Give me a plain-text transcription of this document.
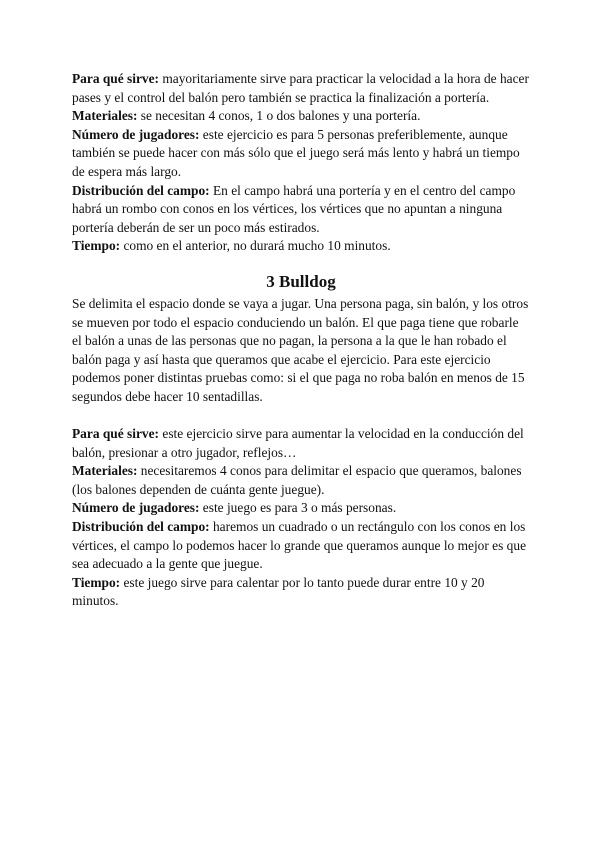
Para qué sirve: mayoritariamente sirve para practicar la velocidad a la hora de hacer pases y el control del balón pero también se practica la finalización a portería.

Materiales: se necesitan 4 conos, 1 o dos balones y una portería.

Número de jugadores: este ejercicio es para 5 personas preferiblemente, aunque también se puede hacer con más sólo que el juego será más lento y habrá un tiempo de espera más largo.

Distribución del campo: En el campo habrá una portería y en el centro del campo habrá un rombo con conos en los vértices, los vértices que no apuntan a ninguna portería deberán de ser un poco más estirados.

Tiempo: como en el anterior, no durará mucho 10 minutos.

3 Bulldog

Se delimita el espacio donde se vaya a jugar. Una persona paga, sin balón, y los otros se mueven por todo el espacio conduciendo un balón. El que paga tiene que robarle el balón a unas de las personas que no pagan, la persona a la que le han robado el balón paga y así hasta que queramos que acabe el ejercicio. Para este ejercicio podemos poner distintas pruebas como: si el que paga no roba balón en menos de 15 segundos debe hacer 10 sentadillas.

Para qué sirve: este ejercicio sirve para aumentar la velocidad en la conducción del balón, presionar a otro jugador, reflejos…

Materiales: necesitaremos 4 conos para delimitar el espacio que queramos, balones (los balones dependen de cuánta gente juegue).

Número de jugadores: este juego es para 3 o más personas.

Distribución del campo: haremos un cuadrado o un rectángulo con los conos en los vértices, el campo lo podemos hacer lo grande que queramos aunque lo mejor es que sea adecuado a la gente que juegue.

Tiempo: este juego sirve para calentar por lo tanto puede durar entre 10 y 20 minutos.
